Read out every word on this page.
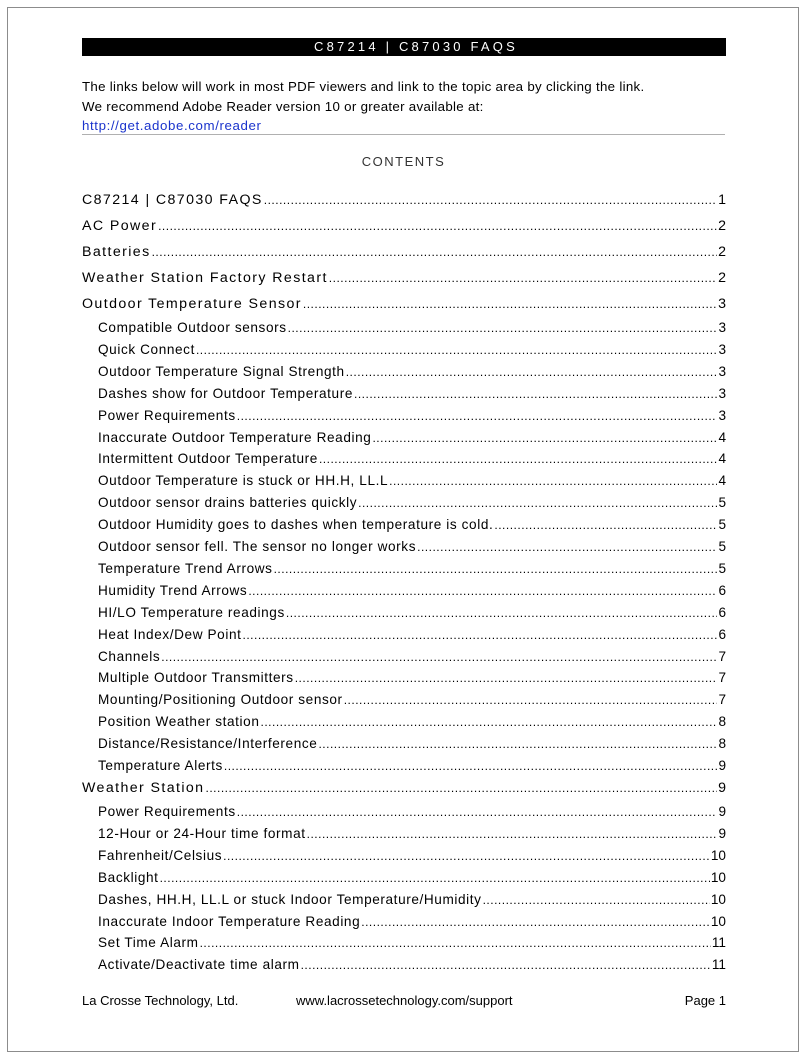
C87214 | C87030 FAQS
The links below will work in most PDF viewers and link to the topic area by clicking the link.
We recommend Adobe Reader version 10 or greater available at:
http://get.adobe.com/reader
CONTENTS
C87214 | C87030 FAQS .....	1
AC Power .....	2
Batteries .....	2
Weather Station Factory Restart .....	2
Outdoor Temperature Sensor .....	3
Compatible Outdoor sensors .....	3
Quick Connect .....	3
Outdoor Temperature Signal Strength .....	3
Dashes show for Outdoor Temperature .....	3
Power Requirements .....	3
Inaccurate Outdoor Temperature Reading .....	4
Intermittent Outdoor Temperature .....	4
Outdoor Temperature is stuck or HH.H, LL.L .....	4
Outdoor sensor drains batteries quickly .....	5
Outdoor Humidity goes to dashes when temperature is cold. .....	5
Outdoor sensor fell. The sensor no longer works .....	5
Temperature Trend Arrows .....	5
Humidity Trend Arrows .....	6
HI/LO Temperature readings .....	6
Heat Index/Dew Point .....	6
Channels .....	7
Multiple Outdoor Transmitters .....	7
Mounting/Positioning Outdoor sensor .....	7
Position Weather station .....	8
Distance/Resistance/Interference .....	8
Temperature Alerts .....	9
Weather Station .....	9
Power Requirements .....	9
12-Hour or 24-Hour time format .....	9
Fahrenheit/Celsius .....	10
Backlight .....	10
Dashes, HH.H, LL.L or stuck Indoor Temperature/Humidity .....	10
Inaccurate Indoor Temperature Reading .....	10
Set Time Alarm .....	11
Activate/Deactivate time alarm .....	11
La Crosse Technology, Ltd.	www.lacrossetechnology.com/support	Page 1
